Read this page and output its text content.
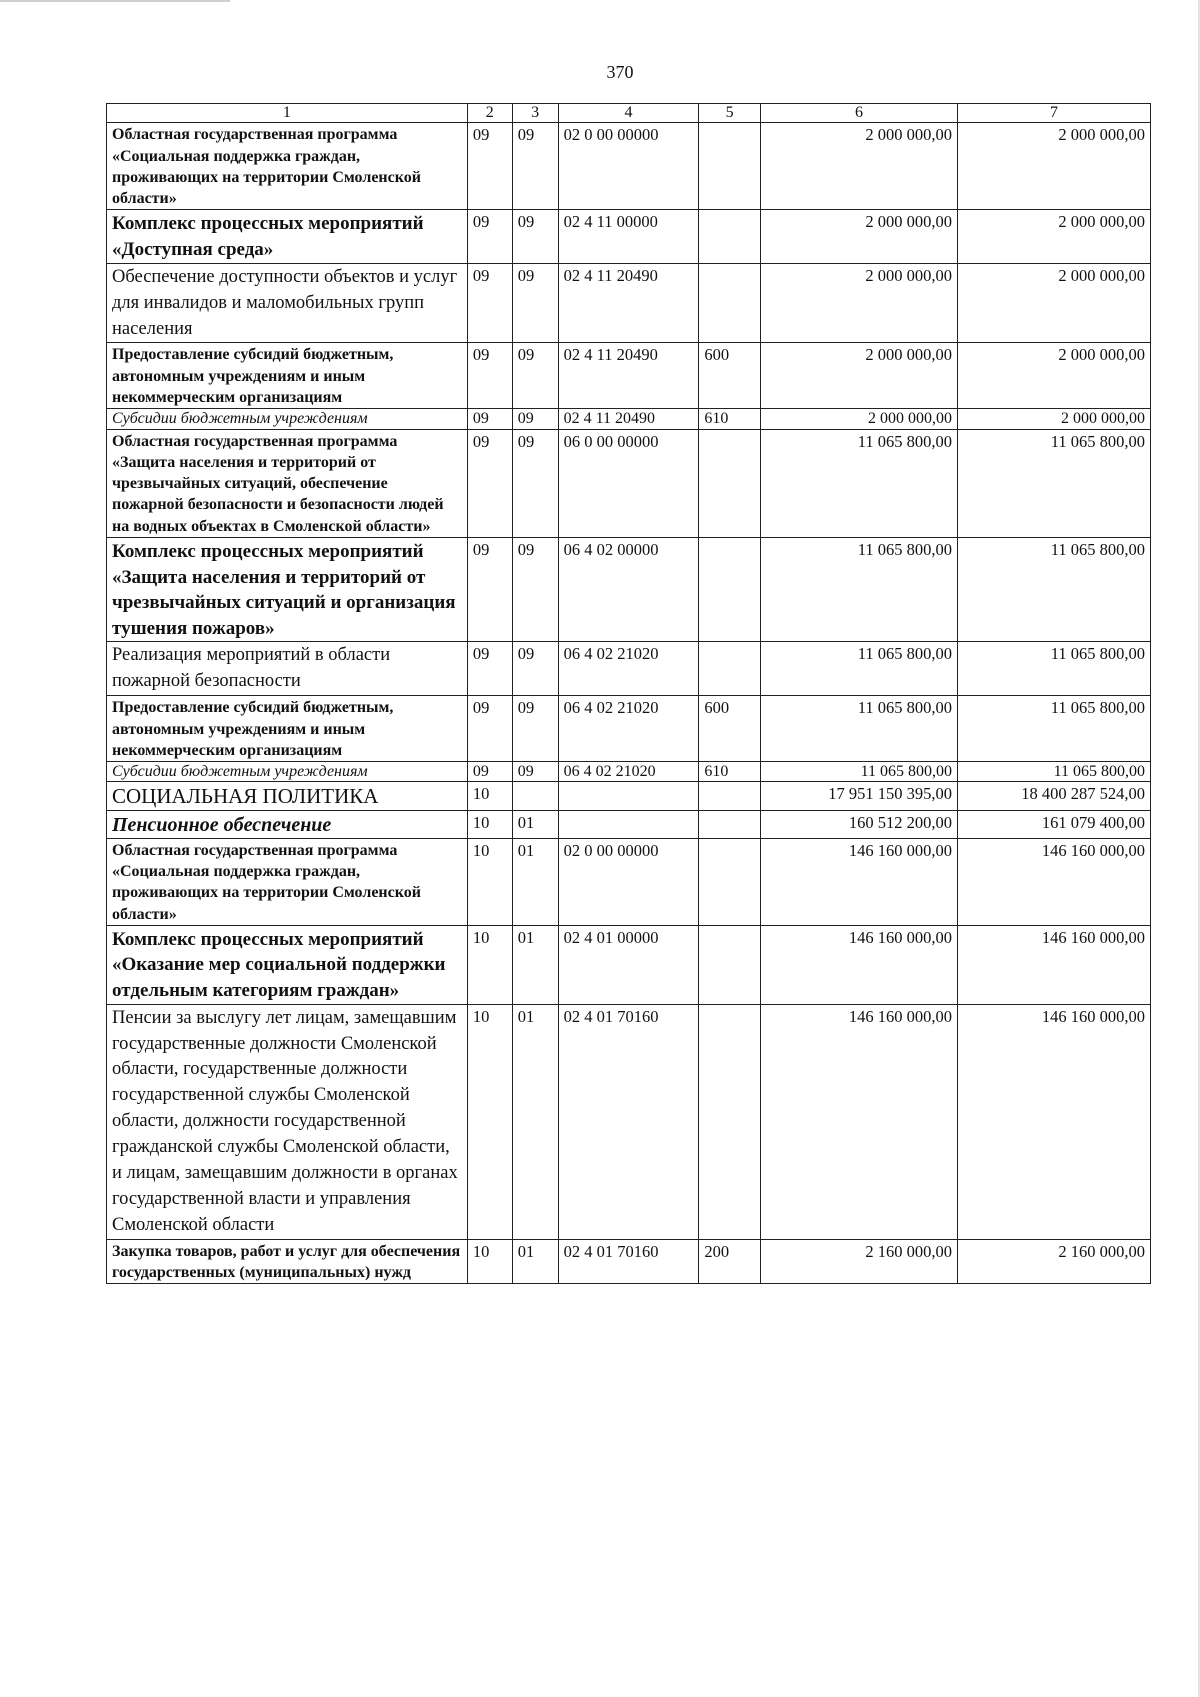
370
1	2	3	4	5	6	7
Областная государственная программа «Социальная поддержка граждан, проживающих на территории Смоленской области»	09	09	02 0 00 00000		2 000 000,00	2 000 000,00
Комплекс процессных мероприятий «Доступная среда»	09	09	02 4 11 00000		2 000 000,00	2 000 000,00
Обеспечение доступности объектов и услуг для инвалидов и маломобильных групп населения	09	09	02 4 11 20490		2 000 000,00	2 000 000,00
Предоставление субсидий бюджетным, автономным учреждениям и иным некоммерческим организациям	09	09	02 4 11 20490	600	2 000 000,00	2 000 000,00
Субсидии бюджетным учреждениям	09	09	02 4 11 20490	610	2 000 000,00	2 000 000,00
Областная государственная программа «Защита населения и территорий от чрезвычайных ситуаций, обеспечение пожарной безопасности и безопасности людей на водных объектах в Смоленской области»	09	09	06 0 00 00000		11 065 800,00	11 065 800,00
Комплекс процессных мероприятий «Защита населения и территорий от чрезвычайных ситуаций и организация тушения пожаров»	09	09	06 4 02 00000		11 065 800,00	11 065 800,00
Реализация мероприятий в области пожарной безопасности	09	09	06 4 02 21020		11 065 800,00	11 065 800,00
Предоставление субсидий бюджетным, автономным учреждениям и иным некоммерческим организациям	09	09	06 4 02 21020	600	11 065 800,00	11 065 800,00
Субсидии бюджетным учреждениям	09	09	06 4 02 21020	610	11 065 800,00	11 065 800,00
СОЦИАЛЬНАЯ ПОЛИТИКА	10				17 951 150 395,00	18 400 287 524,00
Пенсионное обеспечение	10	01			160 512 200,00	161 079 400,00
Областная государственная программа «Социальная поддержка граждан, проживающих на территории Смоленской области»	10	01	02 0 00 00000		146 160 000,00	146 160 000,00
Комплекс процессных мероприятий «Оказание мер социальной поддержки отдельным категориям граждан»	10	01	02 4 01 00000		146 160 000,00	146 160 000,00
Пенсии за выслугу лет лицам, замещавшим государственные должности Смоленской области, государственные должности государственной службы Смоленской области, должности государственной гражданской службы Смоленской области, и лицам, замещавшим должности в органах государственной власти и управления Смоленской области	10	01	02 4 01 70160		146 160 000,00	146 160 000,00
Закупка товаров, работ и услуг для обеспечения государственных (муниципальных) нужд	10	01	02 4 01 70160	200	2 160 000,00	2 160 000,00
